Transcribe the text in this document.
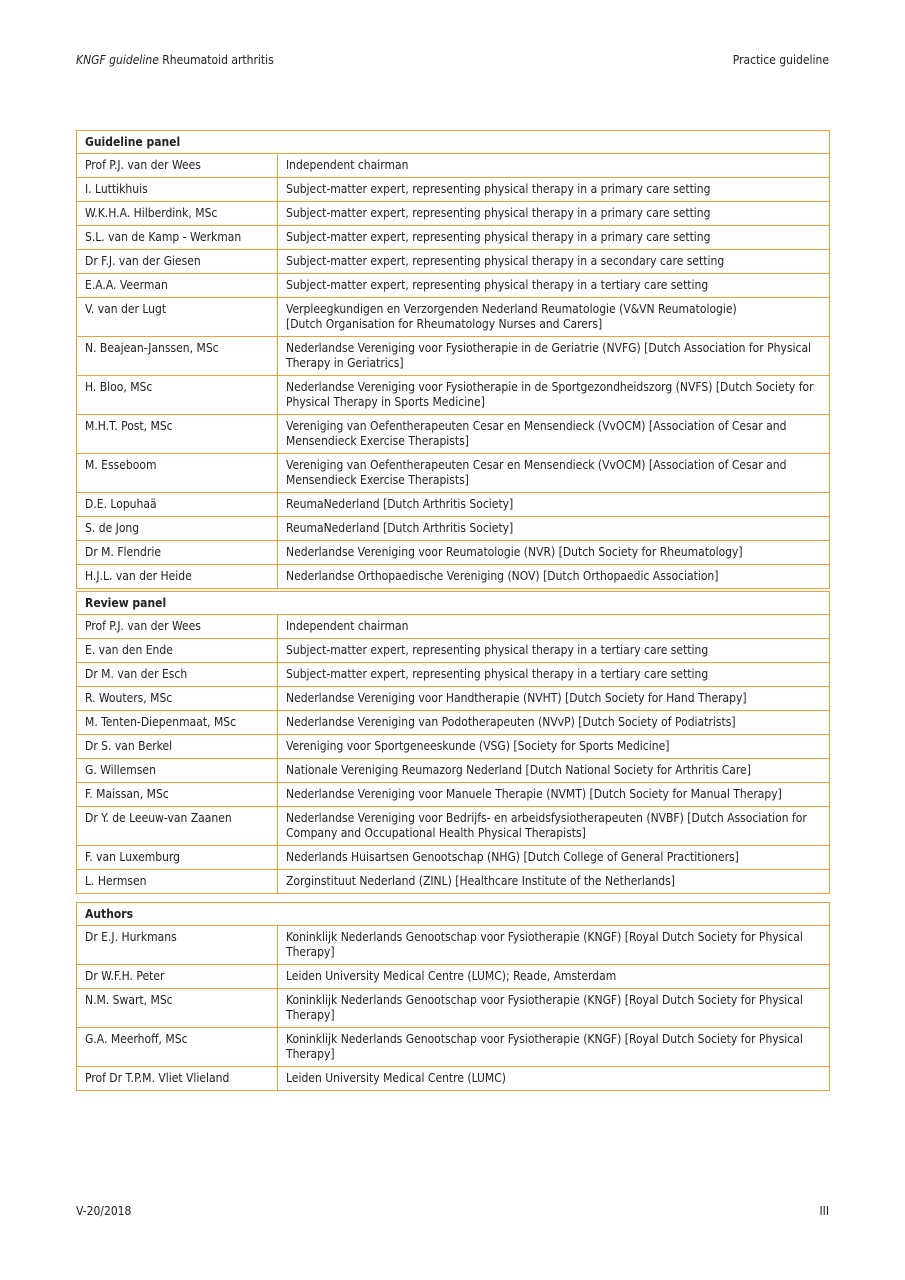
KNGF guideline Rheumatoid arthritis	Practice guideline
Guideline panel	
Prof P.J. van der Wees	Independent chairman
I. Luttikhuis	Subject-matter expert, representing physical therapy in a primary care setting
W.K.H.A. Hilberdink, MSc	Subject-matter expert, representing physical therapy in a primary care setting
S.L. van de Kamp - Werkman	Subject-matter expert, representing physical therapy in a primary care setting
Dr F.J. van der Giesen	Subject-matter expert, representing physical therapy in a secondary care setting
E.A.A. Veerman	Subject-matter expert, representing physical therapy in a tertiary care setting
V. van der Lugt	Verpleegkundigen en Verzorgenden Nederland Reumatologie (V&VN Reumatologie)
[Dutch Organisation for Rheumatology Nurses and Carers]

N. Beajean-Janssen, MSc	Nederlandse Vereniging voor Fysiotherapie in de Geriatrie (NVFG) [Dutch Association for Physical Therapy in Geriatrics]
H. Bloo, MSc	Nederlandse Vereniging voor Fysiotherapie in de Sportgezondheidszorg (NVFS) [Dutch Society for Physical Therapy in Sports Medicine]
M.H.T. Post, MSc	Vereniging van Oefentherapeuten Cesar en Mensendieck (VvOCM) [Association of Cesar and Mensendieck Exercise Therapists]
M. Esseboom	Vereniging van Oefentherapeuten Cesar en Mensendieck (VvOCM) [Association of Cesar and Mensendieck Exercise Therapists]
D.E. Lopuhaä	ReumaNederland [Dutch Arthritis Society]
S. de Jong	ReumaNederland [Dutch Arthritis Society]
Dr M. Flendrie	Nederlandse Vereniging voor Reumatologie (NVR) [Dutch Society for Rheumatology]
H.J.L. van der Heide	Nederlandse Orthopaedische Vereniging (NOV) [Dutch Orthopaedic Association]
Review panel	
Prof P.J. van der Wees	Independent chairman
E. van den Ende	Subject-matter expert, representing physical therapy in a tertiary care setting
Dr M. van der Esch	Subject-matter expert, representing physical therapy in a tertiary care setting
R. Wouters, MSc	Nederlandse Vereniging voor Handtherapie (NVHT) [Dutch Society for Hand Therapy]
M. Tenten-Diepenmaat, MSc	Nederlandse Vereniging van Podotherapeuten (NVvP) [Dutch Society of Podiatrists]
Dr S. van Berkel	Vereniging voor Sportgeneeskunde (VSG) [Society for Sports Medicine]
G. Willemsen	Nationale Vereniging Reumazorg Nederland [Dutch National Society for Arthritis Care]
F. Maissan, MSc	Nederlandse Vereniging voor Manuele Therapie (NVMT) [Dutch Society for Manual Therapy]
Dr Y. de Leeuw-van Zaanen	Nederlandse Vereniging voor Bedrijfs- en arbeidsfysiotherapeuten (NVBF) [Dutch Association for Company and Occupational Health Physical Therapists]
F. van Luxemburg	Nederlands Huisartsen Genootschap (NHG) [Dutch College of General Practitioners]
L. Hermsen	Zorginstituut Nederland (ZINL) [Healthcare Institute of the Netherlands]
Authors	
Dr E.J. Hurkmans	Koninklijk Nederlands Genootschap voor Fysiotherapie (KNGF) [Royal Dutch Society for Physical Therapy]
Dr W.F.H. Peter	Leiden University Medical Centre (LUMC); Reade, Amsterdam
N.M. Swart, MSc	Koninklijk Nederlands Genootschap voor Fysiotherapie (KNGF) [Royal Dutch Society for Physical Therapy]
G.A. Meerhoff, MSc	Koninklijk Nederlands Genootschap voor Fysiotherapie (KNGF) [Royal Dutch Society for Physical Therapy]
Prof Dr T.P.M. Vliet Vlieland	Leiden University Medical Centre (LUMC)
V-20/2018	III
